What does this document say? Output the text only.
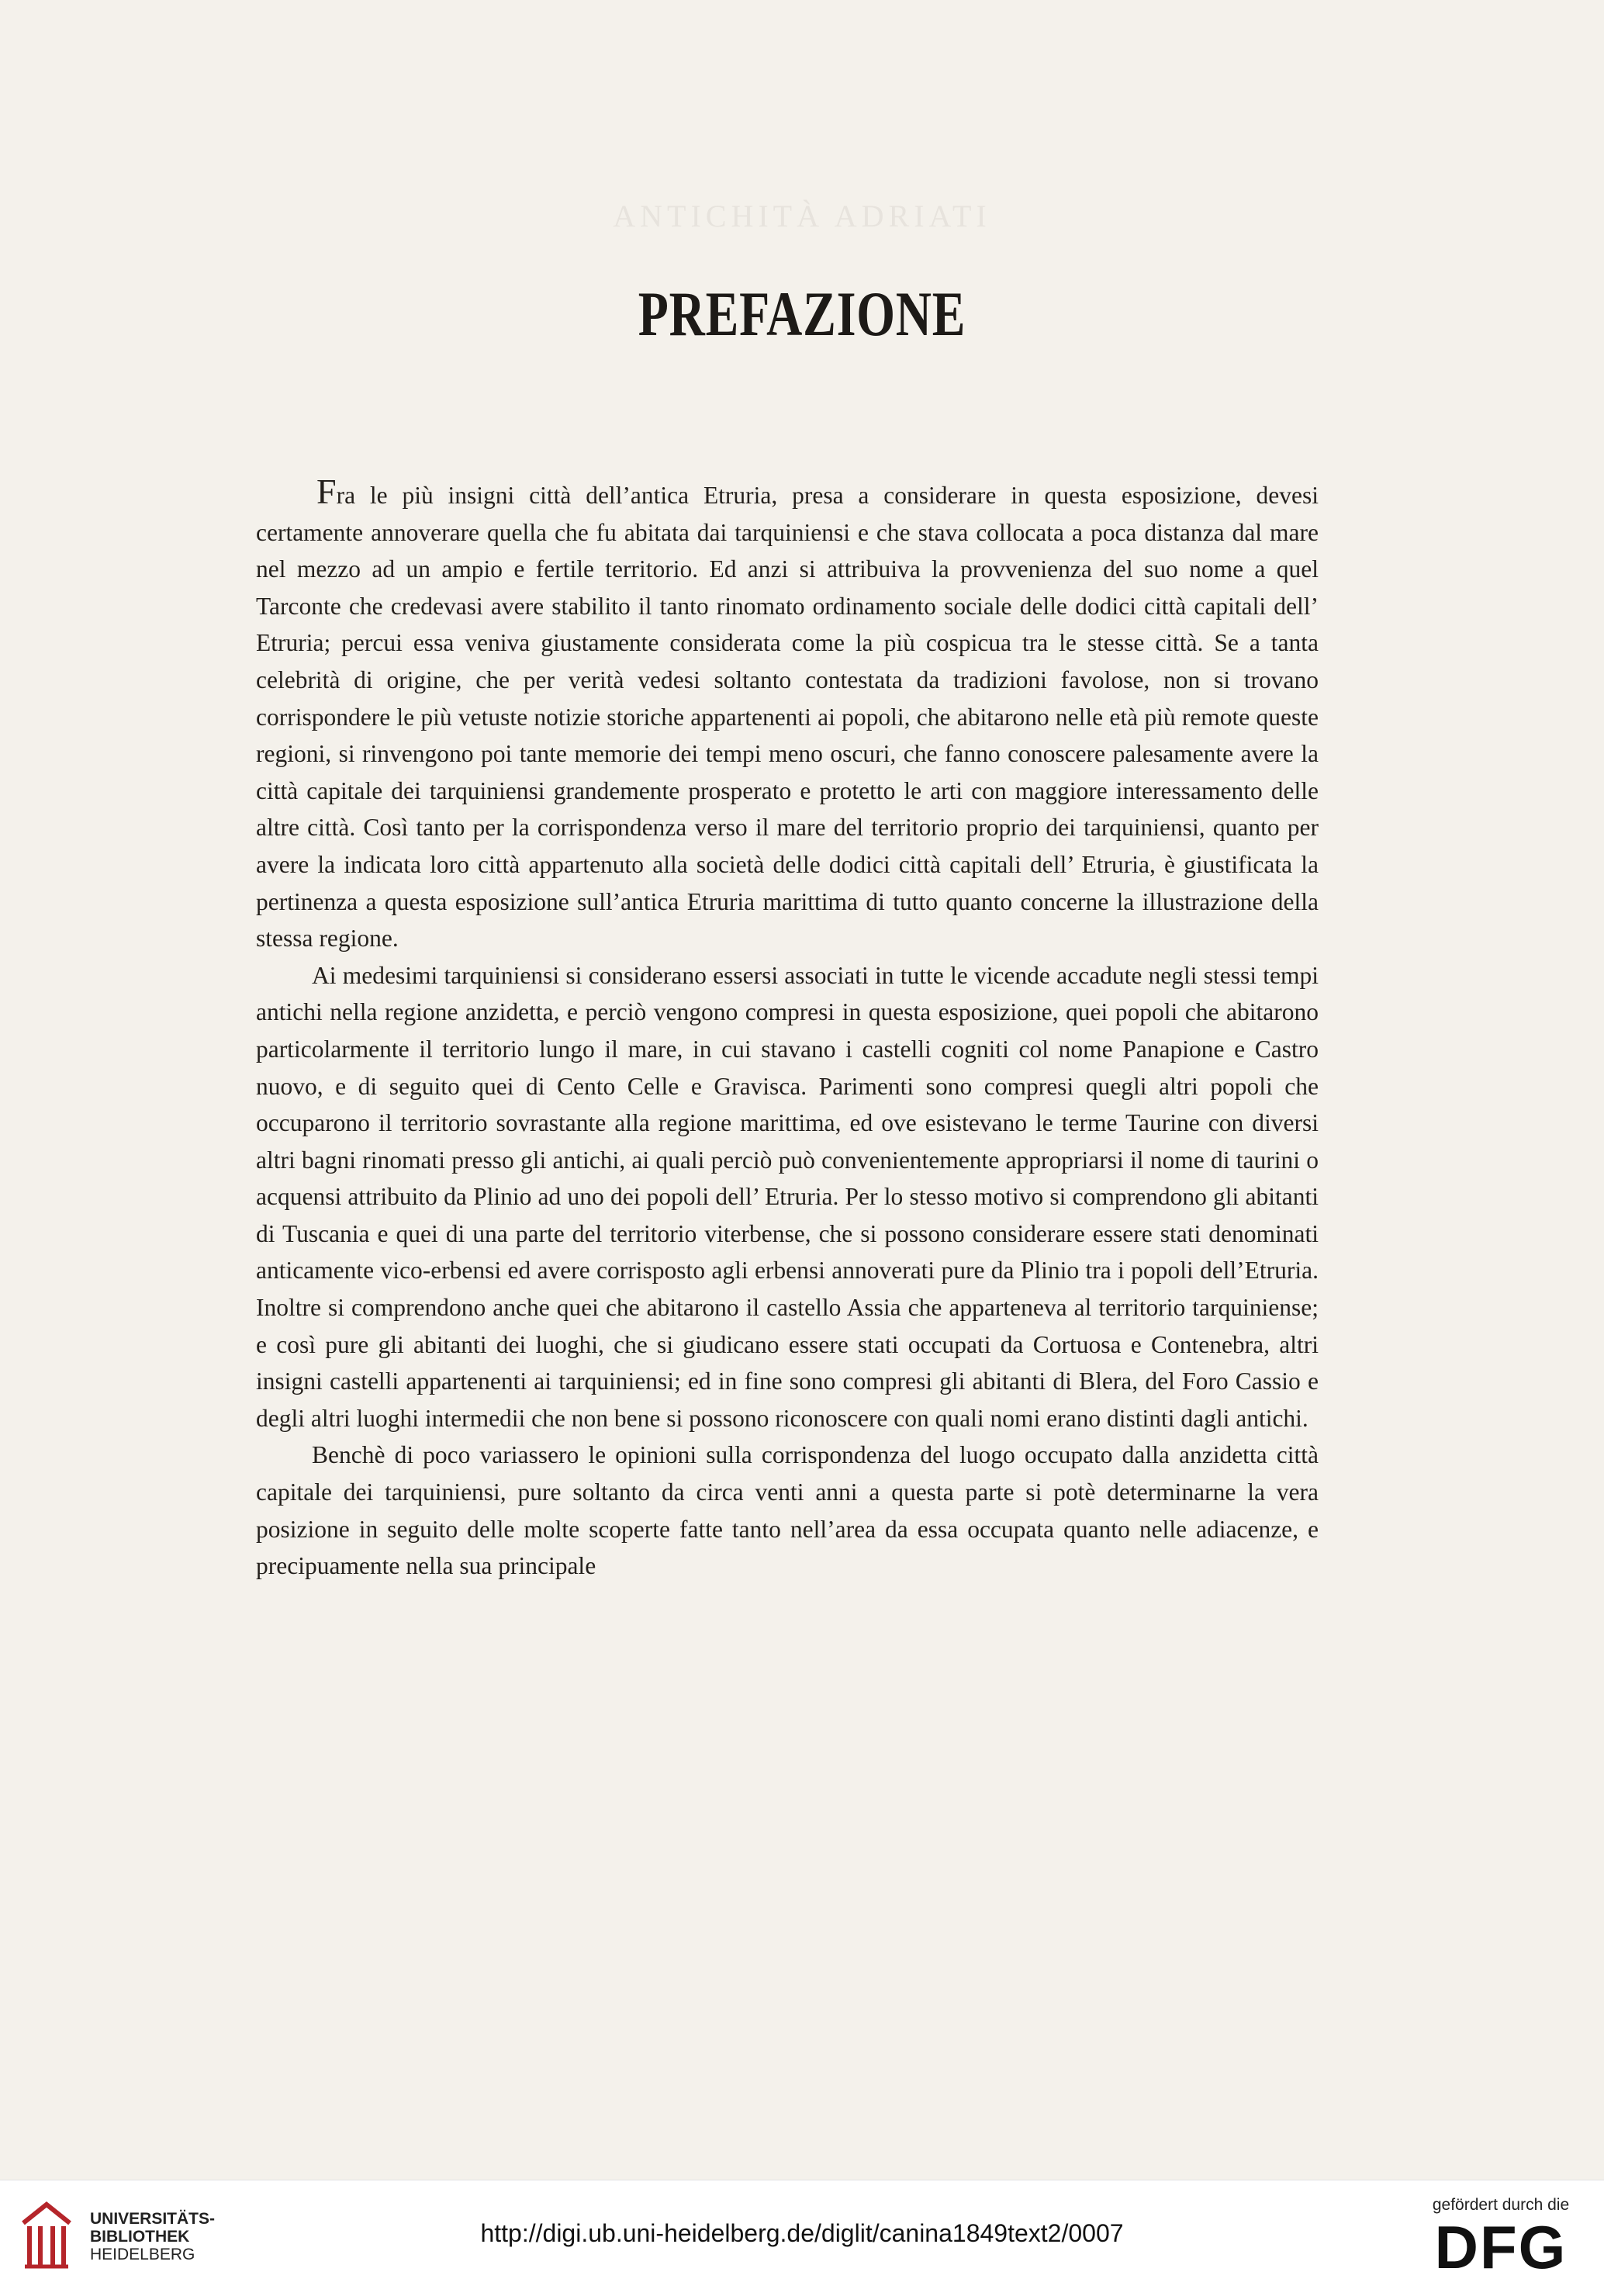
ANTICHITÀ ADRIATI
PREFAZIONE

Fra le più insigni città dell’antica Etruria, presa a considerare in questa esposizione, devesi certamente annoverare quella che fu abitata dai tarquiniensi e che stava collocata a poca distanza dal mare nel mezzo ad un ampio e fertile territorio. Ed anzi si attribuiva la provvenienza del suo nome a quel Tarconte che credevasi avere stabilito il tanto rinomato ordinamento sociale delle dodici città capitali dell’ Etruria; percui essa veniva giustamente considerata come la più cospicua tra le stesse città. Se a tanta celebrità di origine, che per verità vedesi soltanto contestata da tradizioni favolose, non si trovano corrispondere le più vetuste notizie storiche appartenenti ai popoli, che abitarono nelle età più remote queste regioni, si rinvengono poi tante memorie dei tempi meno oscuri, che fanno conoscere palesamente avere la città capitale dei tarquiniensi grandemente prosperato e protetto le arti con maggiore interessamento delle altre città. Così tanto per la corrispondenza verso il mare del territorio proprio dei tarquiniensi, quanto per avere la indicata loro città appartenuto alla società delle dodici città capitali dell’ Etruria, è giustificata la pertinenza a questa esposizione sull’antica Etruria marittima di tutto quanto concerne la illustrazione della stessa regione.

Ai medesimi tarquiniensi si considerano essersi associati in tutte le vicende accadute negli stessi tempi antichi nella regione anzidetta, e perciò vengono compresi in questa esposizione, quei popoli che abitarono particolarmente il territorio lungo il mare, in cui stavano i castelli cogniti col nome Panapione e Castro nuovo, e di seguito quei di Cento Celle e Gravisca. Parimenti sono compresi quegli altri popoli che occuparono il territorio sovrastante alla regione marittima, ed ove esistevano le terme Taurine con diversi altri bagni rinomati presso gli antichi, ai quali perciò può convenientemente appropriarsi il nome di taurini o acquensi attribuito da Plinio ad uno dei popoli dell’ Etruria. Per lo stesso motivo si comprendono gli abitanti di Tuscania e quei di una parte del territorio viterbense, che si possono considerare essere stati denominati anticamente vico-erbensi ed avere corrisposto agli erbensi annoverati pure da Plinio tra i popoli dell’Etruria. Inoltre si comprendono anche quei che abitarono il castello Assia che apparteneva al territorio tarquiniense; e così pure gli abitanti dei luoghi, che si giudicano essere stati occupati da Cortuosa e Contenebra, altri insigni castelli appartenenti ai tarquiniensi; ed in fine sono compresi gli abitanti di Blera, del Foro Cassio e degli altri luoghi intermedii che non bene si possono riconoscere con quali nomi erano distinti dagli antichi.

Benchè di poco variassero le opinioni sulla corrispondenza del luogo occupato dalla anzidetta città capitale dei tarquiniensi, pure soltanto da circa venti anni a questa parte si potè determinarne la vera posizione in seguito delle molte scoperte fatte tanto nell’area da essa occupata quanto nelle adiacenze, e precipuamente nella sua principale

UNIVERSITÄTS-
BIBLIOTHEK
HEIDELBERG
http://digi.ub.uni-heidelberg.de/diglit/canina1849text2/0007
gefördert durch die
DFG
